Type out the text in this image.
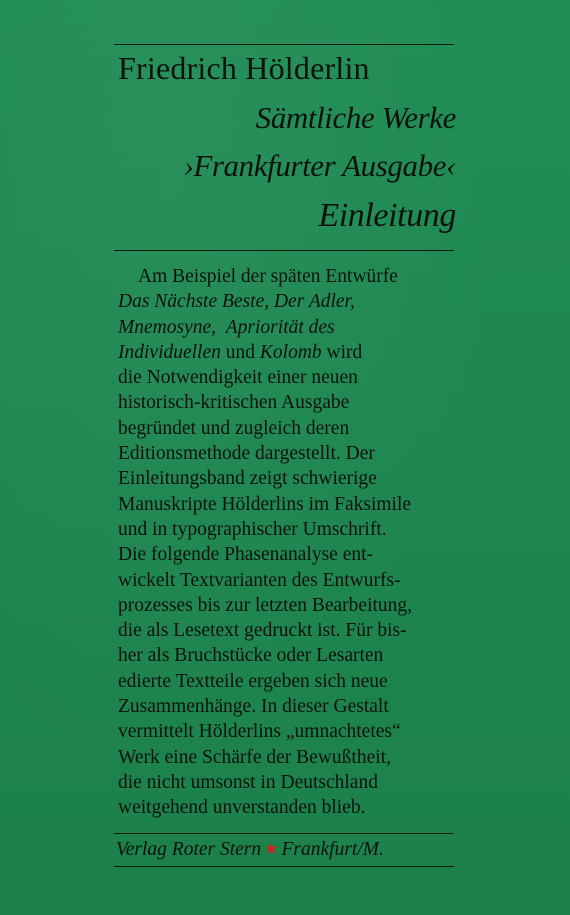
Friedrich Hölderlin
Sämtliche Werke
›Frankfurter Ausgabe‹
Einleitung
Am Beispiel der späten Entwürfe
Das Nächste Beste, Der Adler,
Mnemosyne, Apriorität des
Individuellen und Kolomb wird
die Notwendigkeit einer neuen
historisch-kritischen Ausgabe
begründet und zugleich deren
Editionsmethode dargestellt. Der
Einleitungsband zeigt schwierige
Manuskripte Hölderlins im Faksimile
und in typographischer Umschrift.
Die folgende Phasenanalyse ent-
wickelt Textvarianten des Entwurfs-
prozesses bis zur letzten Bearbeitung,
die als Lesetext gedruckt ist. Für bis-
her als Bruchstücke oder Lesarten
edierte Textteile ergeben sich neue
Zusammenhänge. In dieser Gestalt
vermittelt Hölderlins „umnachtetes“
Werk eine Schärfe der Bewußtheit,
die nicht umsonst in Deutschland
weitgehend unverstanden blieb.
Verlag Roter Stern ★ Frankfurt/M.
